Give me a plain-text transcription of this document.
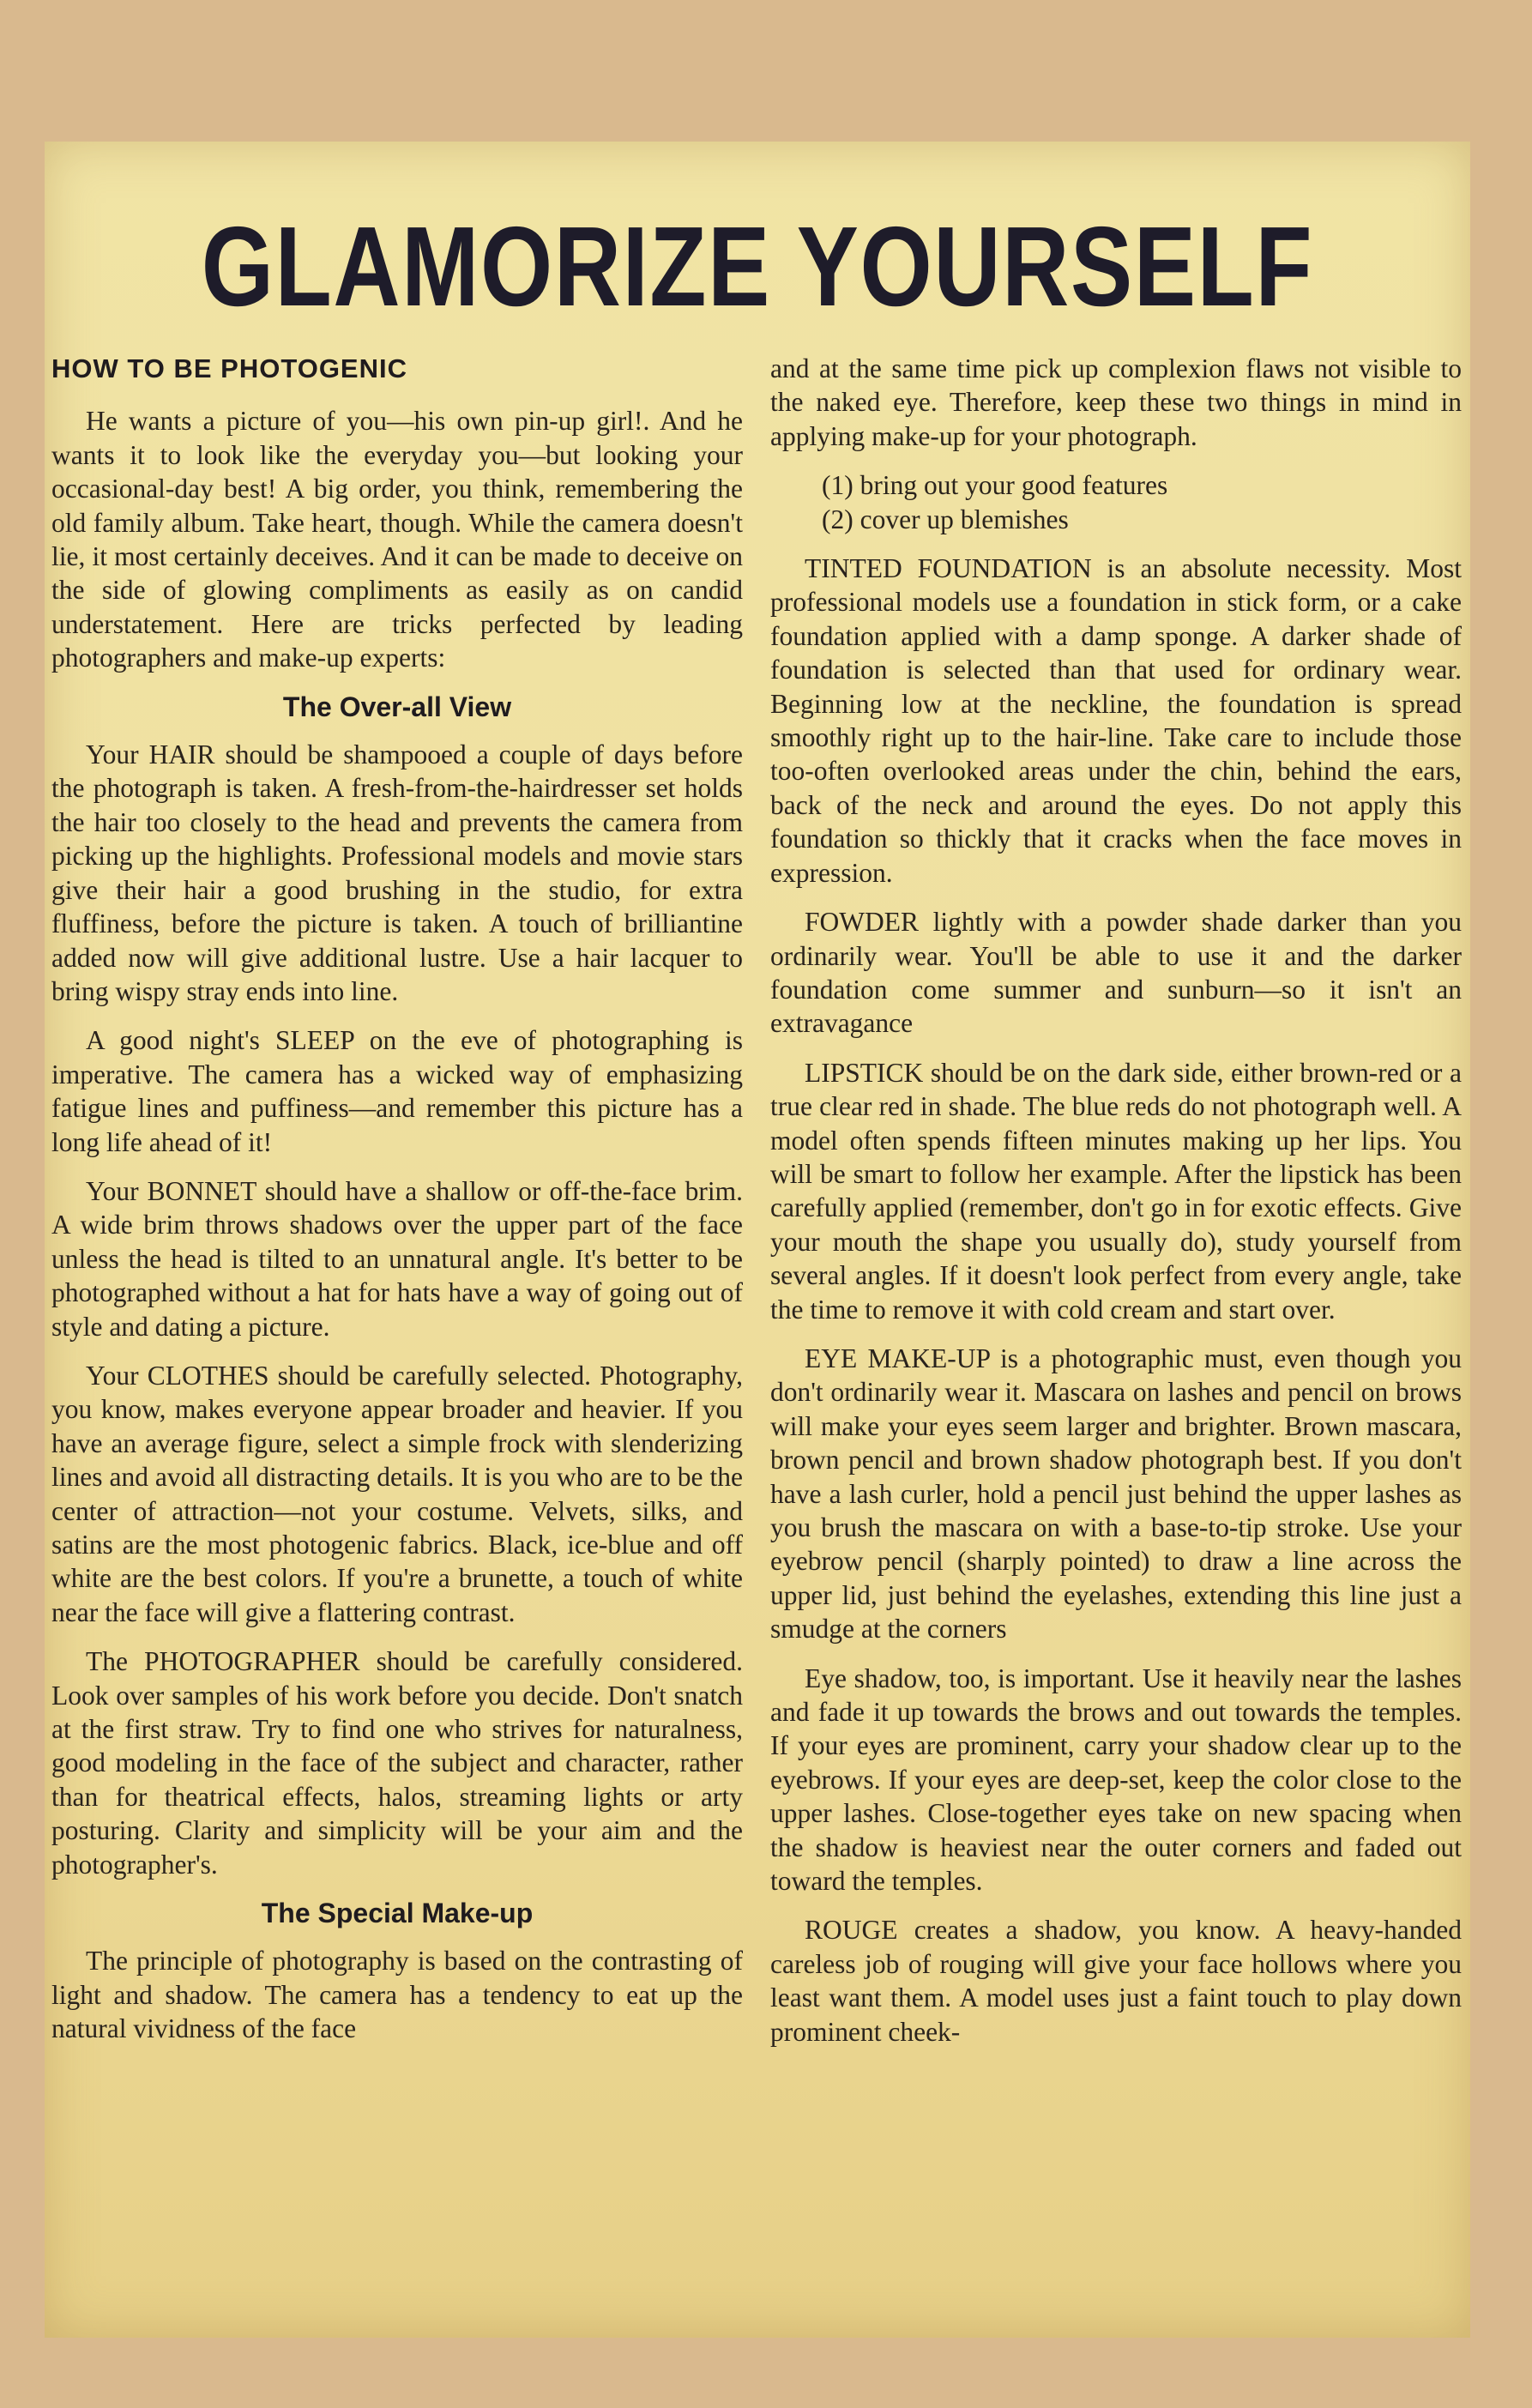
GLAMORIZE YOURSELF
HOW TO BE PHOTOGENIC

He wants a picture of you—his own pin-up girl!. And he wants it to look like the everyday you—but looking your occasional-day best! A big order, you think, remembering the old family album. Take heart, though. While the camera doesn't lie, it most certainly deceives. And it can be made to deceive on the side of glowing compliments as easily as on candid understatement. Here are tricks perfected by leading photographers and make-up experts:

The Over-all View

Your HAIR should be shampooed a couple of days before the photograph is taken. A fresh-from-the-hairdresser set holds the hair too closely to the head and prevents the camera from picking up the highlights. Professional models and movie stars give their hair a good brushing in the studio, for extra fluffiness, before the picture is taken. A touch of brilliantine added now will give additional lustre. Use a hair lacquer to bring wispy stray ends into line.

A good night's SLEEP on the eve of photographing is imperative. The camera has a wicked way of emphasizing fatigue lines and puffiness—and remember this picture has a long life ahead of it!

Your BONNET should have a shallow or off-the-face brim. A wide brim throws shadows over the upper part of the face unless the head is tilted to an unnatural angle. It's better to be photographed without a hat for hats have a way of going out of style and dating a picture.

Your CLOTHES should be carefully selected. Photography, you know, makes everyone appear broader and heavier. If you have an average figure, select a simple frock with slenderizing lines and avoid all distracting details. It is you who are to be the center of attraction—not your costume. Velvets, silks, and satins are the most photogenic fabrics. Black, ice-blue and off white are the best colors. If you're a brunette, a touch of white near the face will give a flattering contrast.

The PHOTOGRAPHER should be carefully considered. Look over samples of his work before you decide. Don't snatch at the first straw. Try to find one who strives for naturalness, good modeling in the face of the subject and character, rather than for theatrical effects, halos, streaming lights or arty posturing. Clarity and simplicity will be your aim and the photographer's.

The Special Make-up

The principle of photography is based on the contrasting of light and shadow. The camera has a tendency to eat up the natural vividness of the face

and at the same time pick up complexion flaws not visible to the naked eye. Therefore, keep these two things in mind in applying make-up for your photograph.

(1) bring out your good features
(2) cover up blemishes

TINTED FOUNDATION is an absolute necessity. Most professional models use a foundation in stick form, or a cake foundation applied with a damp sponge. A darker shade of foundation is selected than that used for ordinary wear. Beginning low at the neckline, the foundation is spread smoothly right up to the hair-line. Take care to include those too-often overlooked areas under the chin, behind the ears, back of the neck and around the eyes. Do not apply this foundation so thickly that it cracks when the face moves in expression.

FOWDER lightly with a powder shade darker than you ordinarily wear. You'll be able to use it and the darker foundation come summer and sunburn—so it isn't an extravagance

LIPSTICK should be on the dark side, either brown-red or a true clear red in shade. The blue reds do not photograph well. A model often spends fifteen minutes making up her lips. You will be smart to follow her example. After the lipstick has been carefully applied (remember, don't go in for exotic effects. Give your mouth the shape you usually do), study yourself from several angles. If it doesn't look perfect from every angle, take the time to remove it with cold cream and start over.

EYE MAKE-UP is a photographic must, even though you don't ordinarily wear it. Mascara on lashes and pencil on brows will make your eyes seem larger and brighter. Brown mascara, brown pencil and brown shadow photograph best. If you don't have a lash curler, hold a pencil just behind the upper lashes as you brush the mascara on with a base-to-tip stroke. Use your eyebrow pencil (sharply pointed) to draw a line across the upper lid, just behind the eyelashes, extending this line just a smudge at the corners

Eye shadow, too, is important. Use it heavily near the lashes and fade it up towards the brows and out towards the temples. If your eyes are prominent, carry your shadow clear up to the eyebrows. If your eyes are deep-set, keep the color close to the upper lashes. Close-together eyes take on new spacing when the shadow is heaviest near the outer corners and faded out toward the temples.

ROUGE creates a shadow, you know. A heavy-handed careless job of rouging will give your face hollows where you least want them. A model uses just a faint touch to play down prominent cheek-
